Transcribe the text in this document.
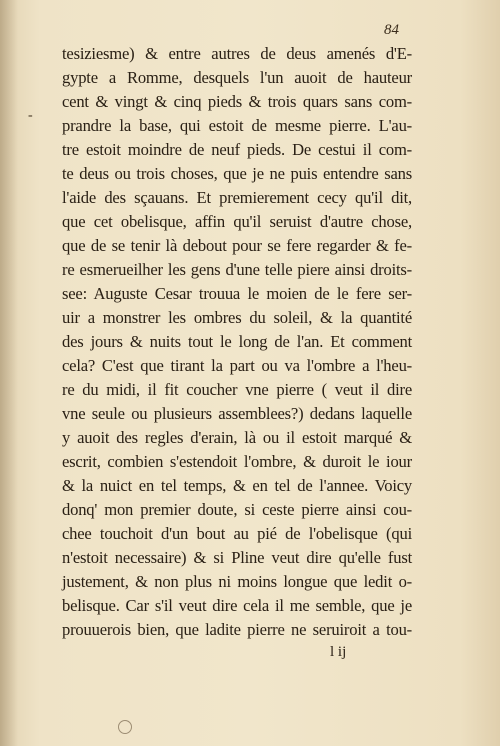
84
-
tesiziesme) & entre autres de deus amenés d'E-
gypte a Romme, desquels l'un auoit de hauteur
cent & vingt & cinq pieds & trois quars sans com-
prandre la base, qui estoit de mesme pierre. L'au-
tre estoit moindre de neuf pieds. De cestui il com-
te deus ou trois choses, que je ne puis entendre sans
l'aide des sçauans. Et premierement cecy qu'il dit,
que cet obelisque, affin qu'il seruist d'autre chose,
que de se tenir là debout pour se fere regarder & fe-
re esmerueilher les gens d'une telle piere ainsi droits-
see: Auguste Cesar trouua le moien de le fere ser-
uir a monstrer les ombres du soleil, & la quantité
des jours & nuits tout le long de l'an. Et comment
cela? C'est que tirant la part ou va l'ombre a l'heu-
re du midi, il fit coucher vne pierre ( veut il dire
vne seule ou plusieurs assemblees?) dedans laquelle
y auoit des regles d'erain, là ou il estoit marqué &
escrit, combien s'estendoit l'ombre, & duroit le iour
& la nuict en tel temps, & en tel de l'annee. Voicy
donq' mon premier doute, si ceste pierre ainsi cou-
chee touchoit d'un bout au pié de l'obelisque (qui
n'estoit necessaire) & si Pline veut dire qu'elle fust
justement, & non plus ni moins longue que ledit o-
belisque. Car s'il veut dire cela il me semble, que je
prouuerois bien, que ladite pierre ne seruiroit a tou-
l ij
